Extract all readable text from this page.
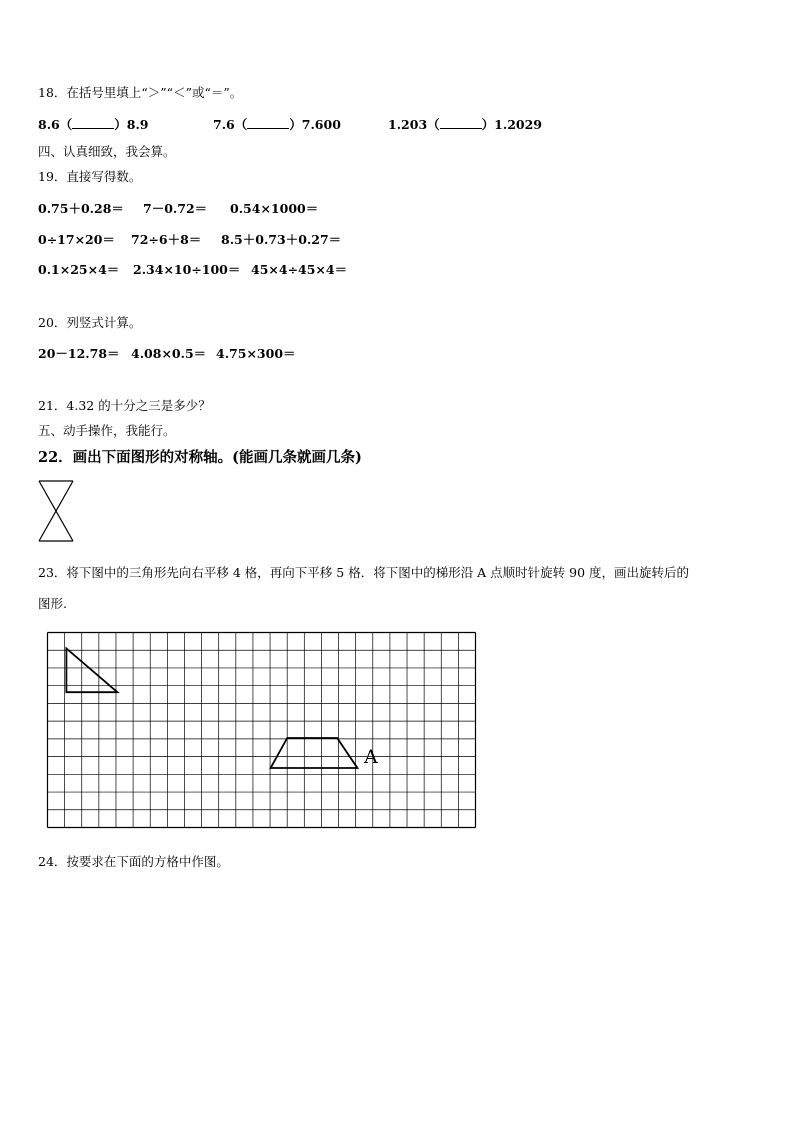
18．在括号里填上“＞”“＜”或“＝”。
8.6（	）8.9	7.6（	）7.600	1.203（	）1.2029
四、认真细致，我会算。
19．直接写得数。
0.75＋0.28＝ 7－0.72＝ 0.54×1000＝
0÷17×20＝ 72÷6＋8＝ 8.5＋0.73＋0.27＝
0.1×25×4＝ 2.34×10÷100＝ 45×4÷45×4＝
20．列竖式计算。
20－12.78＝ 4.08×0.5＝ 4.75×300＝
21．4.32 的十分之三是多少？
五、动手操作，我能行。
22．画出下面图形的对称轴。(能画几条就画几条)
23．将下图中的三角形先向右平移 4 格，再向下平移 5 格．将下图中的梯形沿 A 点顺时针旋转 90 度，画出旋转后的
图形.
A
24．按要求在下面的方格中作图。
